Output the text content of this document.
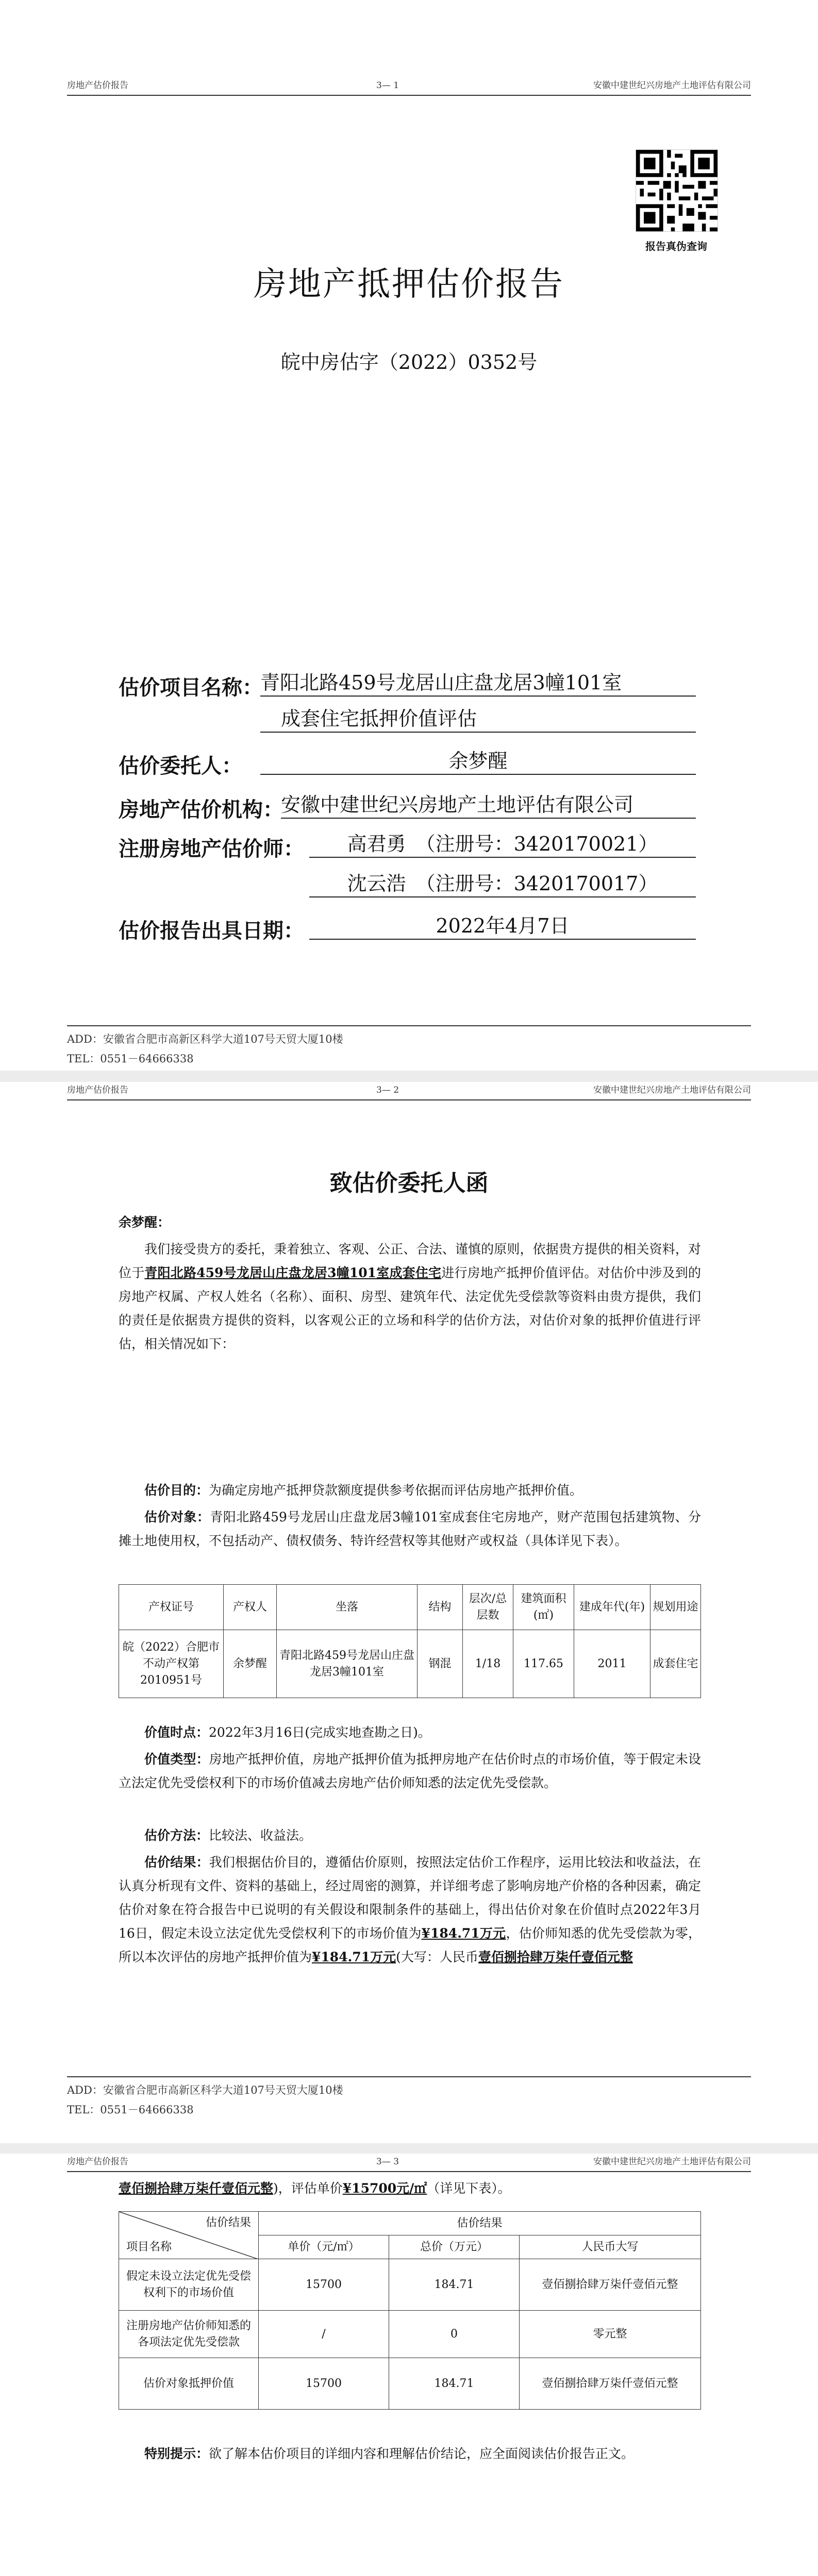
房地产估价报告	3— 1	安徽中建世纪兴房地产土地评估有限公司
报告真伪查询
房地产抵押估价报告
皖中房估字（2022）0352号
估价项目名称：
青阳北路459号龙居山庄盘龙居3幢101室
成套住宅抵押价值评估
估价委托人：	余梦醒
房地产估价机构：
安徽中建世纪兴房地产土地评估有限公司
注册房地产估价师：	高君勇　（注册号：3420170021）
沈云浩　（注册号：3420170017）
估价报告出具日期：	2022年4月7日
ADD：安徽省合肥市高新区科学大道107号天贸大厦10楼
TEL：0551－64666338
房地产估价报告	3— 2	安徽中建世纪兴房地产土地评估有限公司
致估价委托人函
余梦醒：
我们接受贵方的委托，秉着独立、客观、公正、合法、谨慎的原则，依据贵方提供的相关资料，对位于青阳北路459号龙居山庄盘龙居3幢101室成套住宅进行房地产抵押价值评估。对估价中涉及到的房地产权属、产权人姓名（名称）、面积、房型、建筑年代、法定优先受偿款等资料由贵方提供，我们的责任是依据贵方提供的资料，以客观公正的立场和科学的估价方法，对估价对象的抵押价值进行评估，相关情况如下：
估价目的：为确定房地产抵押贷款额度提供参考依据而评估房地产抵押价值。
估价对象：青阳北路459号龙居山庄盘龙居3幢101室成套住宅房地产，财产范围包括建筑物、分摊土地使用权，不包括动产、债权债务、特许经营权等其他财产或权益（具体详见下表）。
产权证号	产权人	坐落	结构	层次/总层数	建筑面积(㎡)	建成年代(年)	规划用途
皖（2022）合肥市不动产权第2010951号	余梦醒	青阳北路459号龙居山庄盘龙居3幢101室	钢混	1/18	117.65	2011	成套住宅
价值时点：2022年3月16日(完成实地查勘之日)。
价值类型：房地产抵押价值，房地产抵押价值为抵押房地产在估价时点的市场价值，等于假定未设立法定优先受偿权利下的市场价值减去房地产估价师知悉的法定优先受偿款。
估价方法：比较法、收益法。
估价结果：我们根据估价目的，遵循估价原则，按照法定估价工作程序，运用比较法和收益法，在认真分析现有文件、资料的基础上，经过周密的测算，并详细考虑了影响房地产价格的各种因素，确定估价对象在符合报告中已说明的有关假设和限制条件的基础上，得出估价对象在价值时点2022年3月16日，假定未设立法定优先受偿权利下的市场价值为¥184.71万元，估价师知悉的优先受偿款为零，所以本次评估的房地产抵押价值为¥184.71万元(大写：人民币壹佰捌拾肆万柒仟壹佰元整
ADD：安徽省合肥市高新区科学大道107号天贸大厦10楼
TEL：0551－64666338
房地产估价报告	3— 3	安徽中建世纪兴房地产土地评估有限公司
壹佰捌拾肆万柒仟壹佰元整)，评估单价¥15700元/㎡（详见下表）。
估价结果
项目名称	估价结果		
	单价（元/㎡）	总价（万元）	人民币大写
假定未设立法定优先受偿权利下的市场价值	15700	184.71	壹佰捌拾肆万柒仟壹佰元整
注册房地产估价师知悉的各项法定优先受偿款	/	0	零元整
估价对象抵押价值	15700	184.71	壹佰捌拾肆万柒仟壹佰元整
特别提示：欲了解本估价项目的详细内容和理解估价结论，应全面阅读估价报告正文。
